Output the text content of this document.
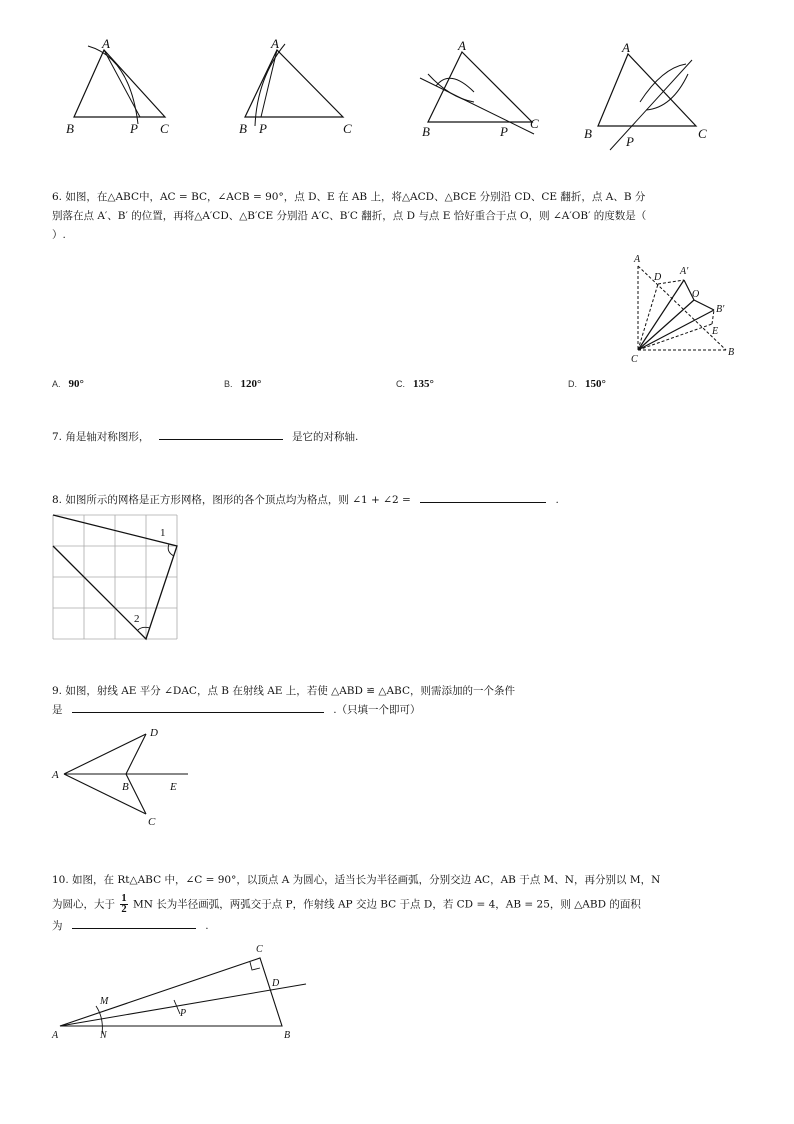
A
B	P C
A
B P	C
A
B	P
C
A
B
P
C
6. 如图，在△ABC中，AC = BC，∠ACB = 90°，点 D、E 在 AB 上，将△ACD、△BCE 分别沿 CD、CE 翻折，点 A、B 分
别落在点 A′、B′ 的位置，再将△A′CD、△B′CE 分别沿 A′C、B′C 翻折，点 D 与点 E 恰好重合于点 O，则 ∠A′OB′ 的度数是（
）.
A
D
A′
O
B′
E
C
B
A. 90°	B. 120°	C. 135°	D. 150°
7. 角是轴对称图形，	是它的对称轴.
8. 如图所示的网格是正方形网格，图形的各个顶点均为格点，则 ∠1 + ∠2 =	.
1
2
9. 如图，射线 AE 平分 ∠DAC，点 B 在射线 AE 上，若使 △ABD ≌ △ABC，则需添加的一个条件
是	.（只填一个即可）
A
D
B	E
C
10. 如图，在 Rt△ABC 中，∠C = 90°，以顶点 A 为圆心，适当长为半径画弧，分别交边 AC，AB 于点 M、N，再分别以 M，N
为圆心，大于 $\frac{1}{2}$ MN 长为半径画弧，两弧交于点 P，作射线 AP 交边 BC 于点 D，若 CD = 4，AB = 25，则 △ABD 的面积
为	.
C
M
D
P
A	N	B
